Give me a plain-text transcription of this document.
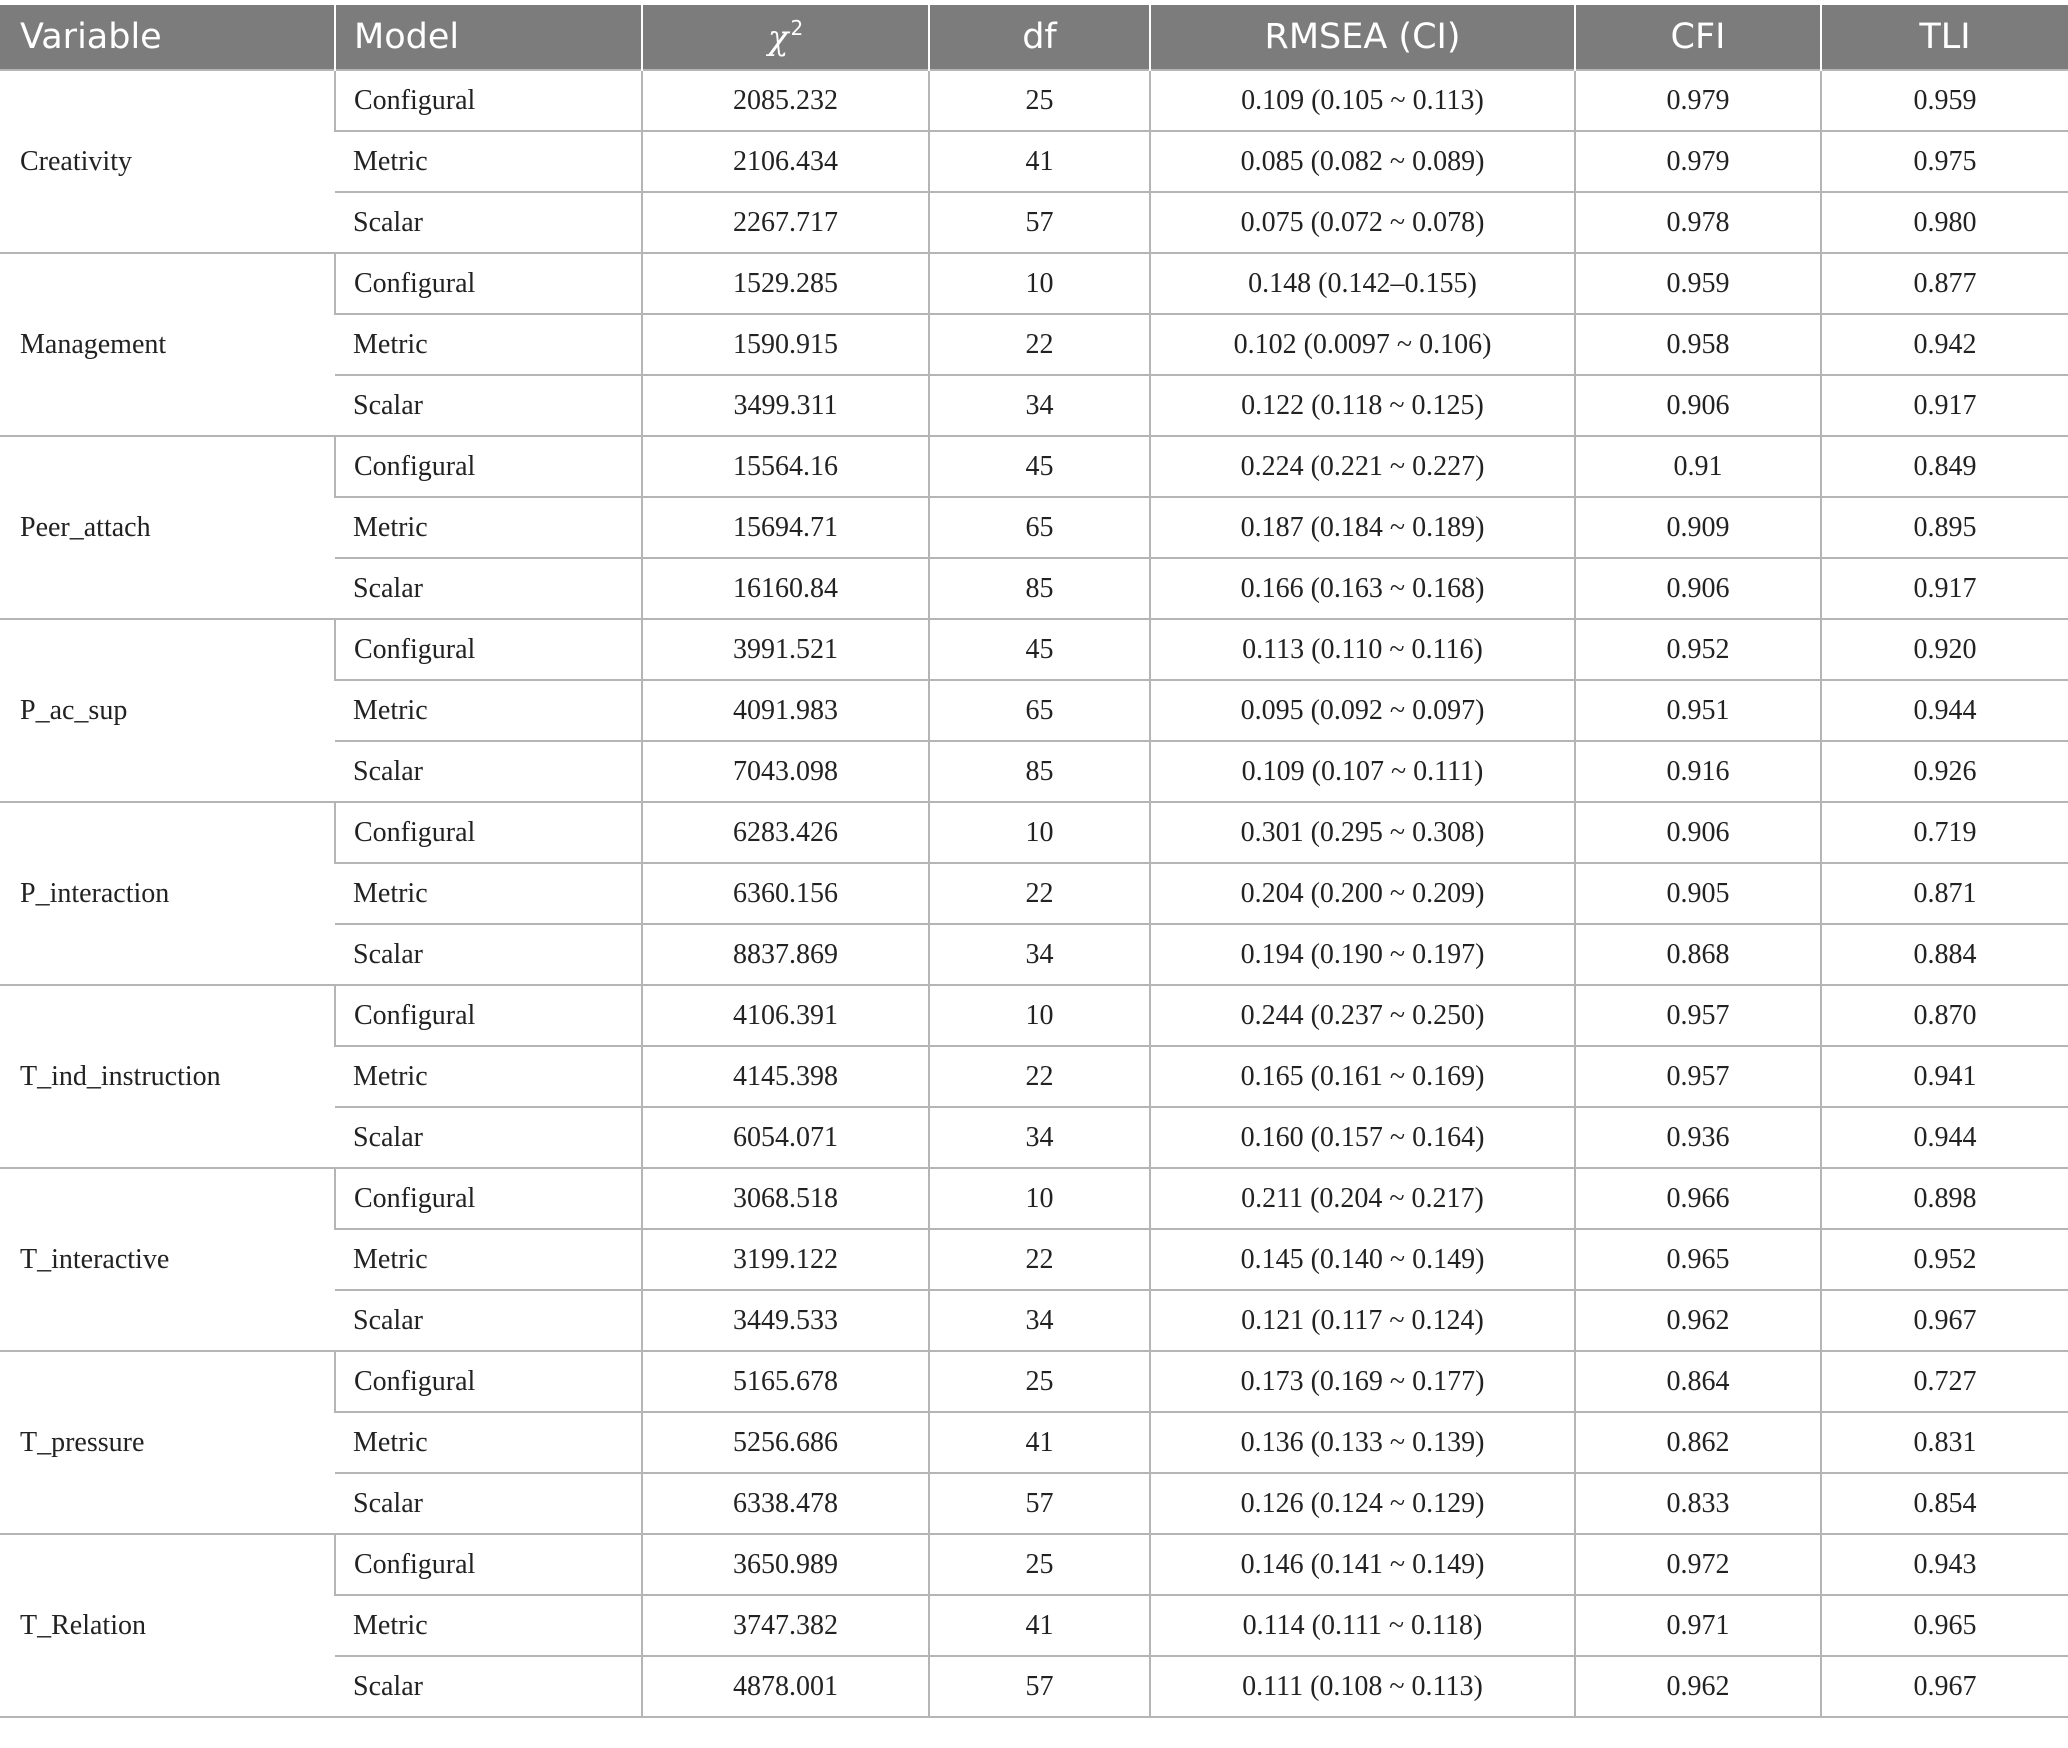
Variable	Model	χ $^2$	df	RMSEA (CI)	CFI	TLI
Creativity	Configural	2085.232	25	0.109 (0.105 ~ 0.113)	0.979	0.959
	Metric	2106.434	41	0.085 (0.082 ~ 0.089)	0.979	0.975
	Scalar	2267.717	57	0.075 (0.072 ~ 0.078)	0.978	0.980
Management	Configural	1529.285	10	0.148 (0.142–0.155)	0.959	0.877
	Metric	1590.915	22	0.102 (0.0097 ~ 0.106)	0.958	0.942
	Scalar	3499.311	34	0.122 (0.118 ~ 0.125)	0.906	0.917
Peer_attach	Configural	15564.16	45	0.224 (0.221 ~ 0.227)	0.91	0.849
	Metric	15694.71	65	0.187 (0.184 ~ 0.189)	0.909	0.895
	Scalar	16160.84	85	0.166 (0.163 ~ 0.168)	0.906	0.917
P_ac_sup	Configural	3991.521	45	0.113 (0.110 ~ 0.116)	0.952	0.920
	Metric	4091.983	65	0.095 (0.092 ~ 0.097)	0.951	0.944
	Scalar	7043.098	85	0.109 (0.107 ~ 0.111)	0.916	0.926
P_interaction	Configural	6283.426	10	0.301 (0.295 ~ 0.308)	0.906	0.719
	Metric	6360.156	22	0.204 (0.200 ~ 0.209)	0.905	0.871
	Scalar	8837.869	34	0.194 (0.190 ~ 0.197)	0.868	0.884
T_ind_instruction	Configural	4106.391	10	0.244 (0.237 ~ 0.250)	0.957	0.870
	Metric	4145.398	22	0.165 (0.161 ~ 0.169)	0.957	0.941
	Scalar	6054.071	34	0.160 (0.157 ~ 0.164)	0.936	0.944
T_interactive	Configural	3068.518	10	0.211 (0.204 ~ 0.217)	0.966	0.898
	Metric	3199.122	22	0.145 (0.140 ~ 0.149)	0.965	0.952
	Scalar	3449.533	34	0.121 (0.117 ~ 0.124)	0.962	0.967
T_pressure	Configural	5165.678	25	0.173 (0.169 ~ 0.177)	0.864	0.727
	Metric	5256.686	41	0.136 (0.133 ~ 0.139)	0.862	0.831
	Scalar	6338.478	57	0.126 (0.124 ~ 0.129)	0.833	0.854
T_Relation	Configural	3650.989	25	0.146 (0.141 ~ 0.149)	0.972	0.943
	Metric	3747.382	41	0.114 (0.111 ~ 0.118)	0.971	0.965
	Scalar	4878.001	57	0.111 (0.108 ~ 0.113)	0.962	0.967
